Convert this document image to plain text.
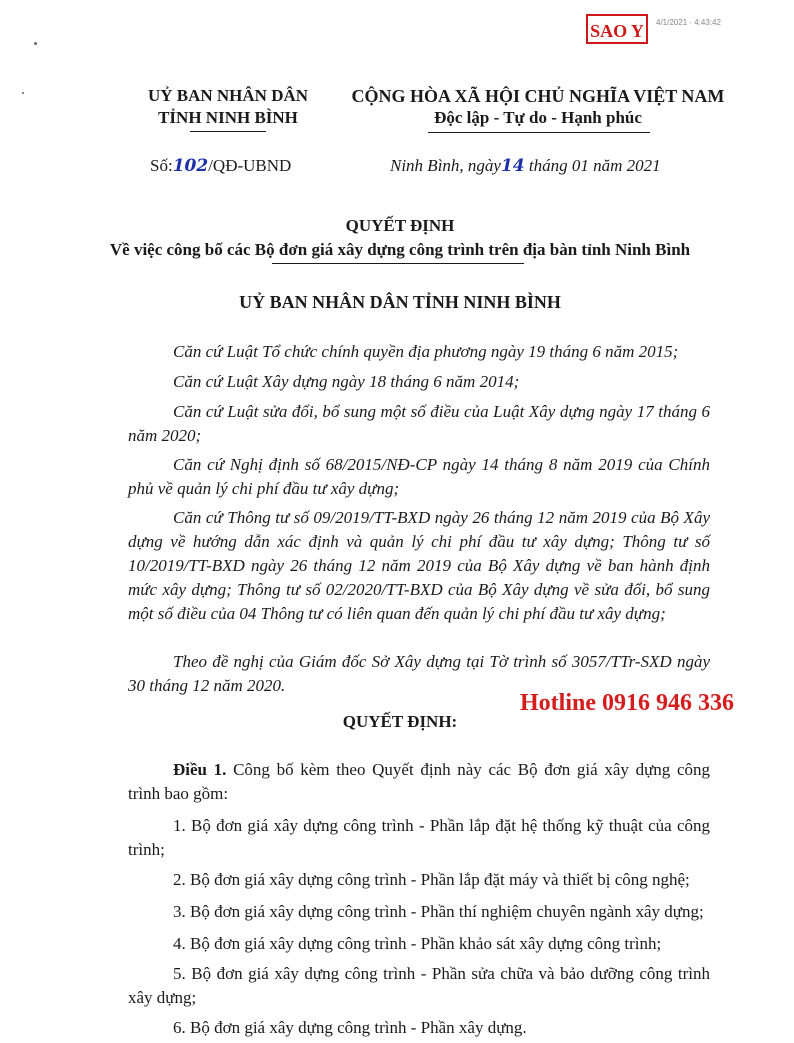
SAO Y	4/1/2021 · 4:43:42
UỶ BAN NHÂN DÂN
TỈNH NINH BÌNH
CỘNG HÒA XÃ HỘI CHỦ NGHĨA VIỆT NAM
Độc lập - Tự do - Hạnh phúc
Số:102/QĐ-UBND	Ninh Bình, ngày14 tháng 01 năm 2021
QUYẾT ĐỊNH
Về việc công bố các Bộ đơn giá xây dựng công trình trên địa bàn tỉnh Ninh Bình
UỶ BAN NHÂN DÂN TỈNH NINH BÌNH
Căn cứ Luật Tổ chức chính quyền địa phương ngày 19 tháng 6 năm 2015;
Căn cứ Luật Xây dựng ngày 18 tháng 6 năm 2014;
Căn cứ Luật sửa đổi, bổ sung một số điều của Luật Xây dựng ngày 17 tháng 6 năm 2020;
Căn cứ Nghị định số 68/2015/NĐ-CP ngày 14 tháng 8 năm 2019 của Chính phủ về quản lý chi phí đầu tư xây dựng;
Căn cứ Thông tư số 09/2019/TT-BXD ngày 26 tháng 12 năm 2019 của Bộ Xây dựng về hướng dẫn xác định và quản lý chi phí đầu tư xây dựng; Thông tư số 10/2019/TT-BXD ngày 26 tháng 12 năm 2019 của Bộ Xây dựng về ban hành định mức xây dựng; Thông tư số 02/2020/TT-BXD của Bộ Xây dựng về sửa đổi, bổ sung một số điều của 04 Thông tư có liên quan đến quản lý chi phí đầu tư xây dựng;
Theo đề nghị của Giám đốc Sở Xây dựng tại Tờ trình số 3057/TTr-SXD ngày 30 tháng 12 năm 2020.
Hotline 0916 946 336
QUYẾT ĐỊNH:
Điều 1. Công bố kèm theo Quyết định này các Bộ đơn giá xây dựng công trình bao gồm:
1. Bộ đơn giá xây dựng công trình - Phần lắp đặt hệ thống kỹ thuật của công trình;
2. Bộ đơn giá xây dựng công trình - Phần lắp đặt máy và thiết bị công nghệ;
3. Bộ đơn giá xây dựng công trình - Phần thí nghiệm chuyên ngành xây dựng;
4. Bộ đơn giá xây dựng công trình - Phần khảo sát xây dựng công trình;
5. Bộ đơn giá xây dựng công trình - Phần sửa chữa và bảo dưỡng công trình xây dựng;
6. Bộ đơn giá xây dựng công trình - Phần xây dựng.
